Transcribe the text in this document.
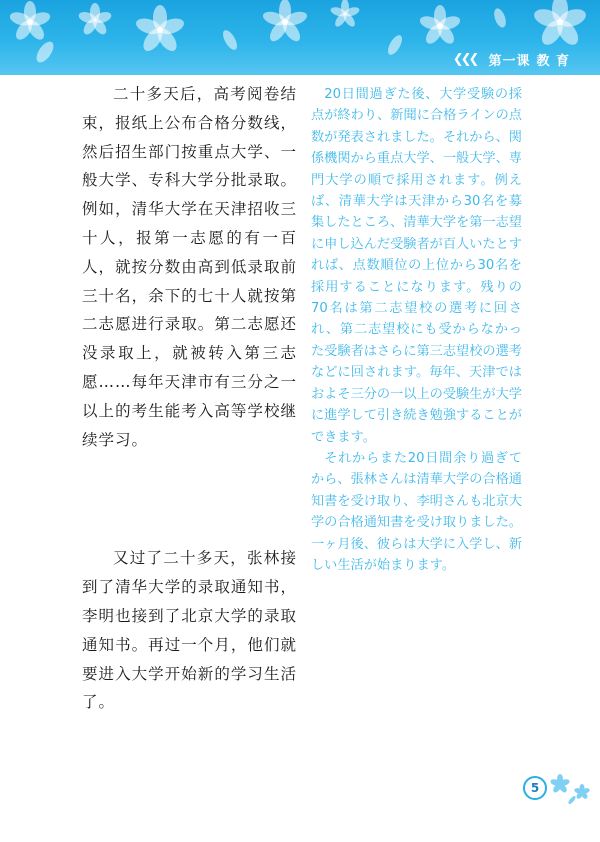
❮❮❮ 第一课 教 育

二十多天后，高考阅卷结束，报纸上公布合格分数线，然后招生部门按重点大学、一般大学、专科大学分批录取。例如，清华大学在天津招收三十人，报第一志愿的有一百人，就按分数由高到低录取前三十名，余下的七十人就按第二志愿进行录取。第二志愿还没录取上，就被转入第三志愿……每年天津市有三分之一以上的考生能考入高等学校继续学习。

又过了二十多天，张林接到了清华大学的录取通知书，李明也接到了北京大学的录取通知书。再过一个月，他们就要进入大学开始新的学习生活了。

20日間過ぎた後、大学受験の採点が終わり、新聞に合格ラインの点数が発表されました。それから、関係機関から重点大学、一般大学、専門大学の順で採用されます。例えば、清華大学は天津から30名を募集したところ、清華大学を第一志望に申し込んだ受験者が百人いたとすれば、点数順位の上位から30名を採用することになります。残りの70名は第二志望校の選考に回され、第二志望校にも受からなかった受験者はさらに第三志望校の選考などに回されます。毎年、天津ではおよそ三分の一以上の受験生が大学に進学して引き続き勉強することができます。

それからまた20日間余り過ぎてから、張林さんは清華大学の合格通知書を受け取り、李明さんも北京大学の合格通知書を受け取りました。一ヶ月後、彼らは大学に入学し、新しい生活が始まります。

5
